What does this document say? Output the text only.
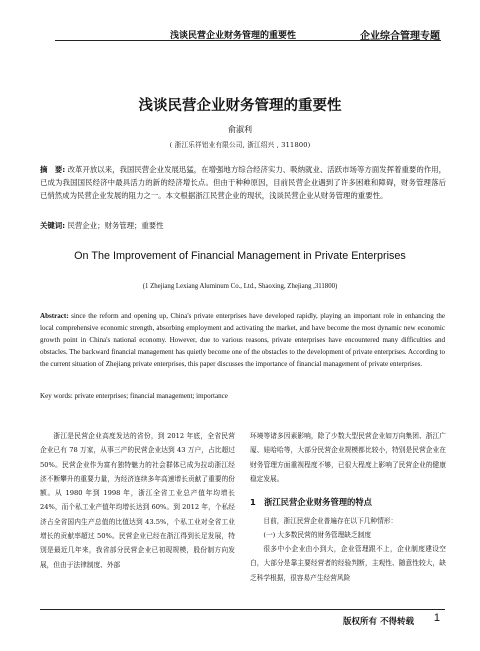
浅谈民营企业财务管理的重要性	企业综合管理专题
浅谈民营企业财务管理的重要性
俞淑利
( 浙江乐祥铝业有限公司, 浙江绍兴 , 311800)
摘　要: 改革开放以来，我国民营企业发展迅猛，在增强地方综合经济实力、吸纳就业、活跃市场等方面发挥着重要的作用，已成为我国国民经济中最具活力的新的经济增长点。但由于种种原因，目前民营企业遇到了许多困难和障碍，财务管理落后已悄然成为民营企业发展的阻力之一。本文根据浙江民营企业的现状，浅谈民营企业从财务管理的重要性。
关键词: 民营企业；财务管理；重要性
On The Improvement of Financial Management in Private Enterprises
(1 Zhejiang Lexiang Aluminum Co., Ltd., Shaoxing, Zhejiang ,311800)
Abstract: since the reform and opening up, China's private enterprises have developed rapidly, playing an important role in enhancing the local comprehensive economic strength, absorbing employment and activating the market, and have become the most dynamic new economic growth point in China's national economy. However, due to various reasons, private enterprises have encountered many difficulties and obstacles. The backward financial management has quietly become one of the obstacles to the development of private enterprises. According to the current situation of Zhejiang private enterprises, this paper discusses the importance of financial management of private enterprises.
Key words: private enterprises; financial management; importance
浙江是民营企业高度发达的省份，到 2012 年底，全省民营企业已有 78 万家，从事三产的民营企业达到 43 万户，占比超过 50%。民营企业作为富有独特魅力的社会群体已成为拉动浙江经济不断攀升的重要力量，为经济连续多年高速增长贡献了重要的份额。从 1980 年到 1998 年，浙江全省工业总产值年均增长 24%，而个私工业产值年均增长达到 60%。到 2012 年，个私经济占全省国内生产总值的比值达到 43.5%，个私工业对全省工业增长的贡献率超过 50%。民营企业已经在浙江得到长足发展，特别是最近几年来，我省部分民营企业已初现规模，股份制方向发展，但由于法律制度、外部
环境等诸多因素影响，除了少数大型民营企业如万向集团、浙江广厦、娃哈哈等，大部分民营企业规模都比较小，特别是民营企业在财务管理方面重视程度不够，已很大程度上影响了民营企业的健康稳定发展。
1　浙江民营企业财务管理的特点
目前，浙江民营企业普遍存在以下几种情形：
(一) 大多数民营的财务管理缺乏制度
很多中小企业由小到大，企业管理跟不上，企业制度建设空白，大部分是靠主要经营者的经验判断，主观性、随意性较大，缺乏科学根据，很容易产生经营风险
版权所有 不得转载 1
